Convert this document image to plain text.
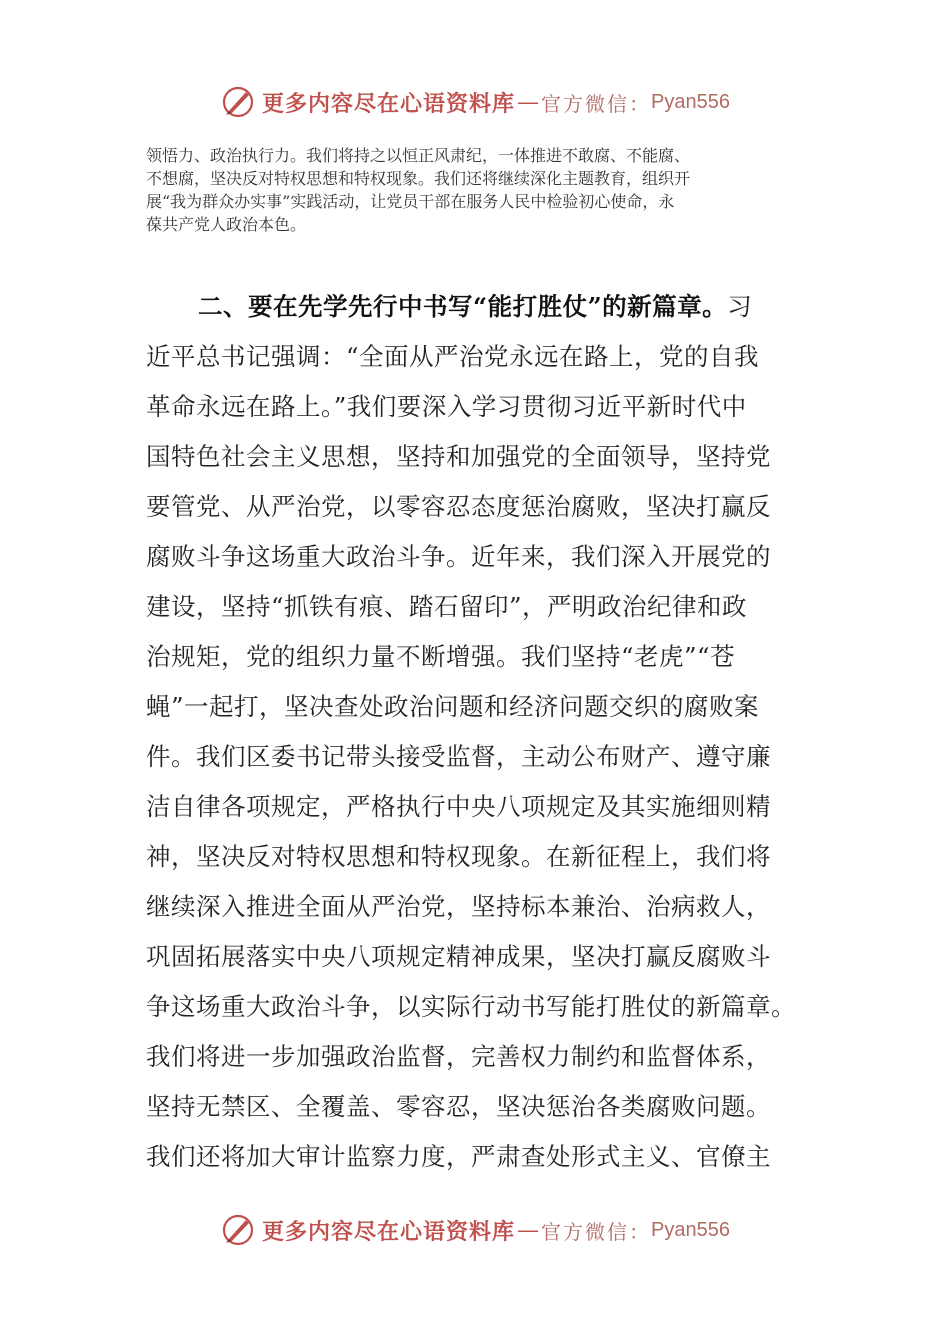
更多内容尽在心语资料库 — 官方微信： Pyan556
领悟力、政治执行力。我们将持之以恒正风肃纪，一体推进不敢腐、不能腐、
不想腐，坚决反对特权思想和特权现象。我们还将继续深化主题教育，组织开
展“我为群众办实事”实践活动，让党员干部在服务人民中检验初心使命，永
葆共产党人政治本色。
二、要在先学先行中书写“能打胜仗”的新篇章。习
近平总书记强调：“全面从严治党永远在路上，党的自我
革命永远在路上。”我们要深入学习贯彻习近平新时代中
国特色社会主义思想，坚持和加强党的全面领导，坚持党
要管党、从严治党，以零容忍态度惩治腐败，坚决打赢反
腐败斗争这场重大政治斗争。近年来，我们深入开展党的
建设，坚持“抓铁有痕、踏石留印”，严明政治纪律和政
治规矩，党的组织力量不断增强。我们坚持“老虎”“苍
蝇”一起打，坚决查处政治问题和经济问题交织的腐败案
件。我们区委书记带头接受监督，主动公布财产、遵守廉
洁自律各项规定，严格执行中央八项规定及其实施细则精
神，坚决反对特权思想和特权现象。在新征程上，我们将
继续深入推进全面从严治党，坚持标本兼治、治病救人，
巩固拓展落实中央八项规定精神成果，坚决打赢反腐败斗
争这场重大政治斗争，以实际行动书写能打胜仗的新篇章。
我们将进一步加强政治监督，完善权力制约和监督体系，
坚持无禁区、全覆盖、零容忍，坚决惩治各类腐败问题。
我们还将加大审计监察力度，严肃查处形式主义、官僚主
更多内容尽在心语资料库 — 官方微信： Pyan556
